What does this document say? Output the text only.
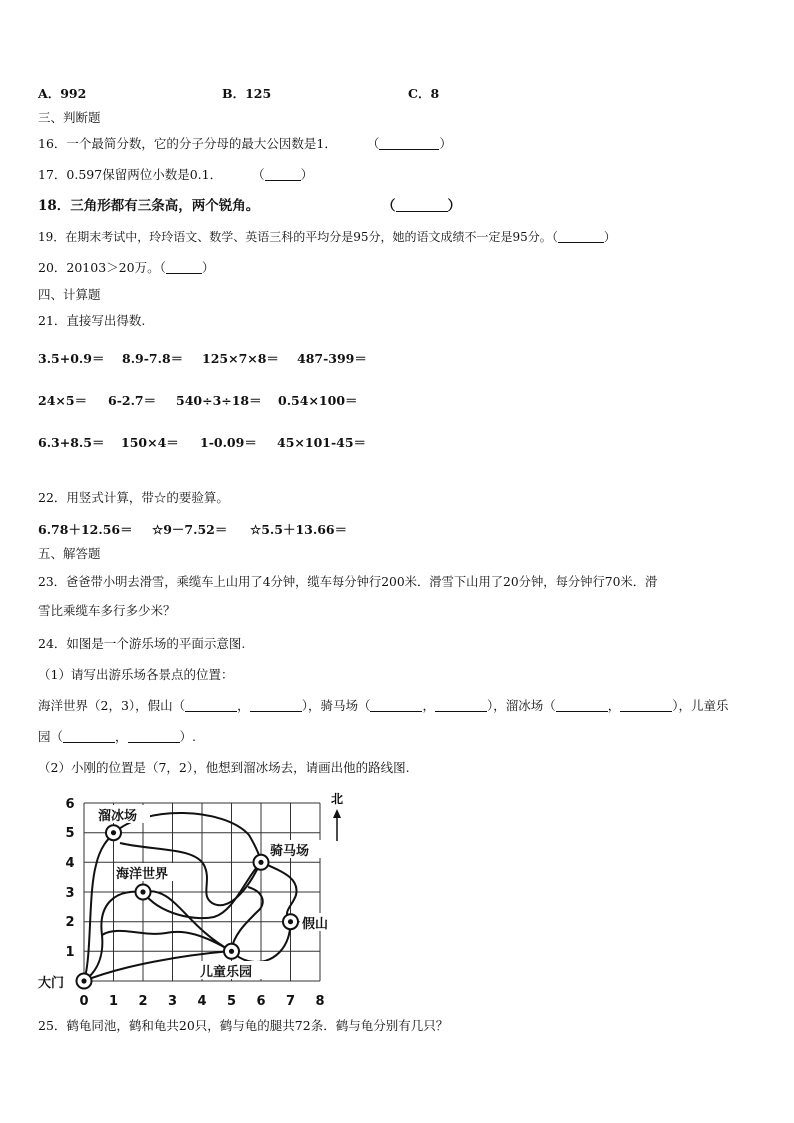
A．992	B．125	C．8
三、判断题
16．一个最简分数，它的分子分母的最大公因数是1． （	）
17．0.597保留两位小数是0.1． （	）
18．三角形都有三条高，两个锐角。	（	）
19．在期末考试中，玲玲语文、数学、英语三科的平均分是95分，她的语文成绩不一定是95分。（	）
20．20103＞20万。（	）
四、计算题
21．直接写出得数.
3.5+0.9＝ 8.9-7.8＝ 125×7×8＝ 487-399＝
24×5＝ 6-2.7＝ 540÷3÷18＝ 0.54×100＝
6.3+8.5＝ 150×4＝ 1-0.09＝ 45×101-45＝
22．用竖式计算，带☆的要验算。
6.78＋12.56＝ ☆9－7.52＝ ☆5.5＋13.66＝
五、解答题
23．爸爸带小明去滑雪，乘缆车上山用了4分钟，缆车每分钟行200米．滑雪下山用了20分钟，每分钟行70米．滑
雪比乘缆车多行多少米？
24．如图是一个游乐场的平面示意图.
（1）请写出游乐场各景点的位置：
海洋世界（2，3），假山（	，	），骑马场（	，	），溜冰场（	，	），儿童乐
园（	，	）.
（2）小刚的位置是（7，2），他想到溜冰场去，请画出他的路线图.
溜冰场
骑马场
海洋世界
假山
儿童乐园
大门
0 1 2 3 4 5 6 7 8
1
2
3
4
5
6	北
25．鹤龟同池，鹤和龟共20只，鹤与龟的腿共72条．鹤与龟分别有几只？
